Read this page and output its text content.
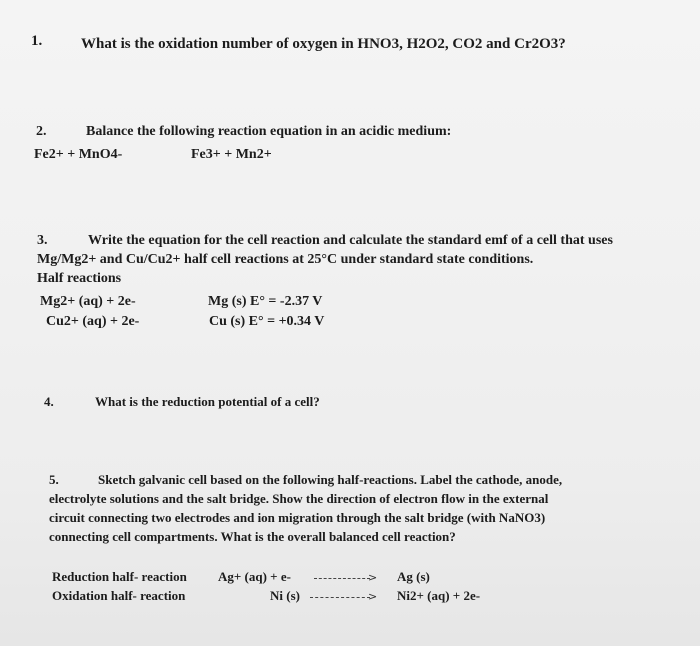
1.	What is the oxidation number of oxygen in HNO3, H2O2, CO2 and Cr2O3?
2.	Balance the following reaction equation in an acidic medium:
Fe2+ + MnO4-	Fe3+ + Mn2+
3.	Write the equation for the cell reaction and calculate the standard emf of a cell that uses
Mg/Mg2+ and Cu/Cu2+ half cell reactions at 25°C under standard state conditions.
Half reactions
Mg2+ (aq) + 2e-	Mg (s) E° = -2.37 V
Cu2+ (aq) + 2e-	Cu (s) E° = +0.34 V
4.	What is the reduction potential of a cell?
5.	Sketch galvanic cell based on the following half-reactions. Label the cathode, anode,
electrolyte solutions and the salt bridge. Show the direction of electron flow in the external
circuit connecting two electrodes and ion migration through the salt bridge (with NaNO3)
connecting cell compartments. What is the overall balanced cell reaction?
Reduction half- reaction Ag+ (aq) + e-	> Ag (s)
Oxidation half- reaction	Ni (s)	> Ni2+ (aq) + 2e-
